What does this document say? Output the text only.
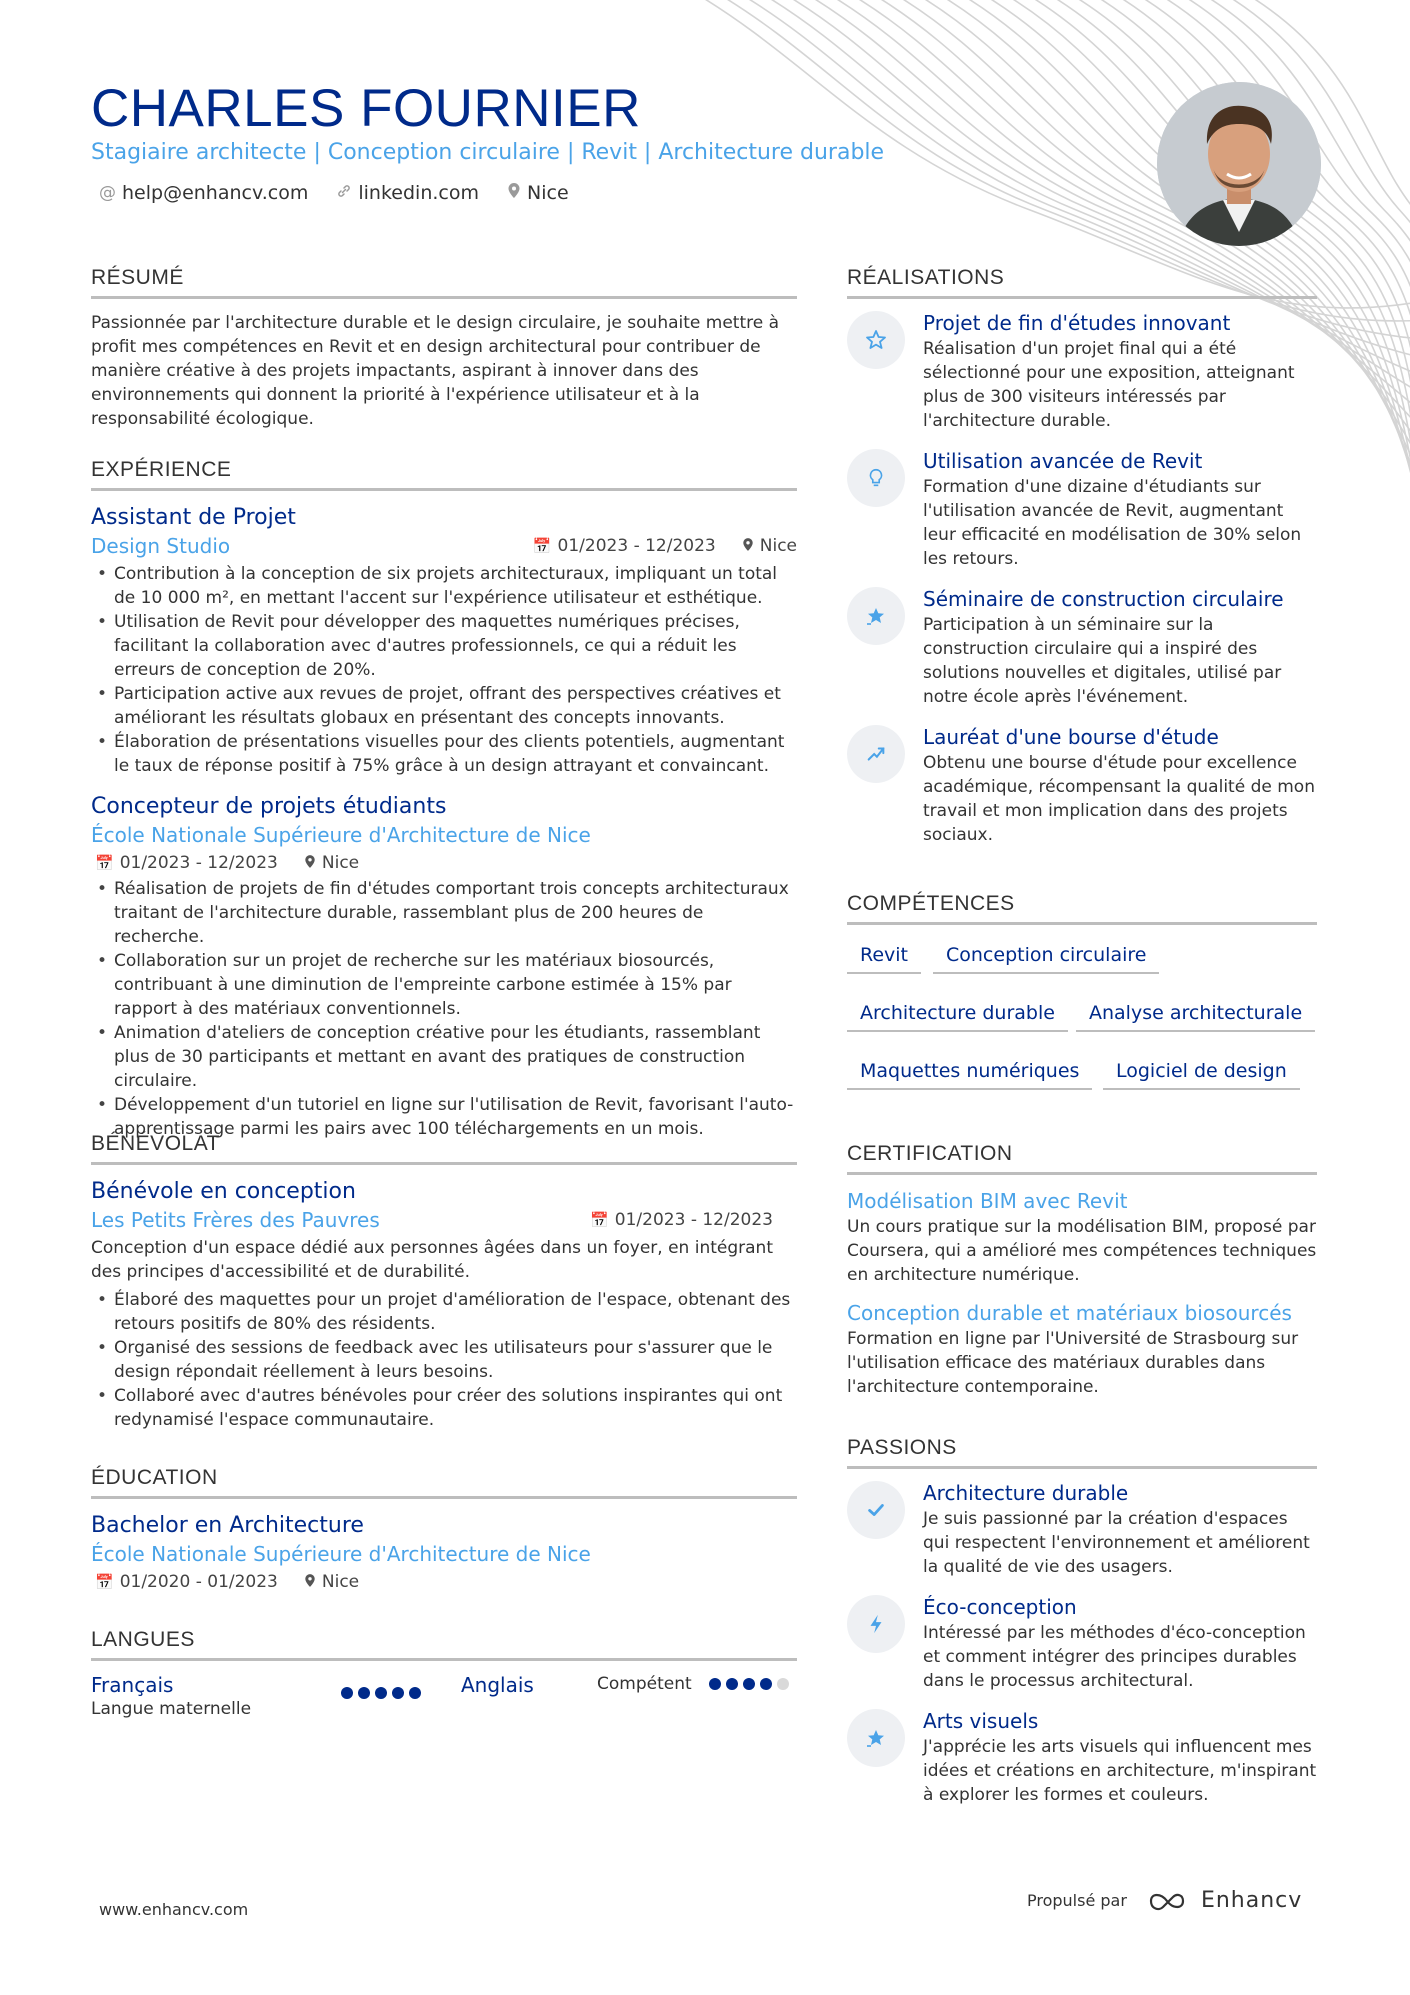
CHARLES FOURNIER
Stagiaire architecte | Conception circulaire | Revit | Architecture durable
@ help@enhancv.com	linkedin.com	Nice
RÉSUMÉ
Passionnée par l'architecture durable et le design circulaire, je souhaite mettre à profit mes compétences en Revit et en design architectural pour contribuer de manière créative à des projets impactants, aspirant à innover dans des environnements qui donnent la priorité à l'expérience utilisateur et à la responsabilité écologique.
EXPÉRIENCE
Assistant de Projet
Design Studio	📅 01/2023 - 12/2023	Nice
• Contribution à la conception de six projets architecturaux, impliquant un total de 10 000 m², en mettant l'accent sur l'expérience utilisateur et esthétique.
• Utilisation de Revit pour développer des maquettes numériques précises, facilitant la collaboration avec d'autres professionnels, ce qui a réduit les erreurs de conception de 20%.
• Participation active aux revues de projet, offrant des perspectives créatives et améliorant les résultats globaux en présentant des concepts innovants.
• Élaboration de présentations visuelles pour des clients potentiels, augmentant le taux de réponse positif à 75% grâce à un design attrayant et convaincant.
Concepteur de projets étudiants
École Nationale Supérieure d'Architecture de Nice
📅 01/2023 - 12/2023	Nice
• Réalisation de projets de fin d'études comportant trois concepts architecturaux traitant de l'architecture durable, rassemblant plus de 200 heures de recherche.
• Collaboration sur un projet de recherche sur les matériaux biosourcés, contribuant à une diminution de l'empreinte carbone estimée à 15% par rapport à des matériaux conventionnels.
• Animation d'ateliers de conception créative pour les étudiants, rassemblant plus de 30 participants et mettant en avant des pratiques de construction circulaire.
• Développement d'un tutoriel en ligne sur l'utilisation de Revit, favorisant l'auto-apprentissage parmi les pairs avec 100 téléchargements en un mois.
BÉNÉVOLAT
Bénévole en conception
Les Petits Frères des Pauvres	📅 01/2023 - 12/2023
Conception d'un espace dédié aux personnes âgées dans un foyer, en intégrant des principes d'accessibilité et de durabilité.
• Élaboré des maquettes pour un projet d'amélioration de l'espace, obtenant des retours positifs de 80% des résidents.
• Organisé des sessions de feedback avec les utilisateurs pour s'assurer que le design répondait réellement à leurs besoins.
• Collaboré avec d'autres bénévoles pour créer des solutions inspirantes qui ont redynamisé l'espace communautaire.
ÉDUCATION
Bachelor en Architecture
École Nationale Supérieure d'Architecture de Nice
📅 01/2020 - 01/2023	Nice
LANGUES
Français
Langue maternelle
Anglais	Compétent
RÉALISATIONS
Projet de fin d'études innovant
Réalisation d'un projet final qui a été sélectionné pour une exposition, atteignant plus de 300 visiteurs intéressés par l'architecture durable.
Utilisation avancée de Revit
Formation d'une dizaine d'étudiants sur l'utilisation avancée de Revit, augmentant leur efficacité en modélisation de 30% selon les retours.
Séminaire de construction circulaire
Participation à un séminaire sur la construction circulaire qui a inspiré des solutions nouvelles et digitales, utilisé par notre école après l'événement.
Lauréat d'une bourse d'étude
Obtenu une bourse d'étude pour excellence académique, récompensant la qualité de mon travail et mon implication dans des projets sociaux.
COMPÉTENCES
Revit	Conception circulaire
Architecture durable	Analyse architecturale
Maquettes numériques	Logiciel de design
CERTIFICATION
Modélisation BIM avec Revit
Un cours pratique sur la modélisation BIM, proposé par Coursera, qui a amélioré mes compétences techniques en architecture numérique.
Conception durable et matériaux biosourcés
Formation en ligne par l'Université de Strasbourg sur l'utilisation efficace des matériaux durables dans l'architecture contemporaine.
PASSIONS
Architecture durable
Je suis passionné par la création d'espaces qui respectent l'environnement et améliorent la qualité de vie des usagers.
Éco-conception
Intéressé par les méthodes d'éco-conception et comment intégrer des principes durables dans le processus architectural.
Arts visuels
J'apprécie les arts visuels qui influencent mes idées et créations en architecture, m'inspirant à explorer les formes et couleurs.
www.enhancv.com	Propulsé par	Enhancv
